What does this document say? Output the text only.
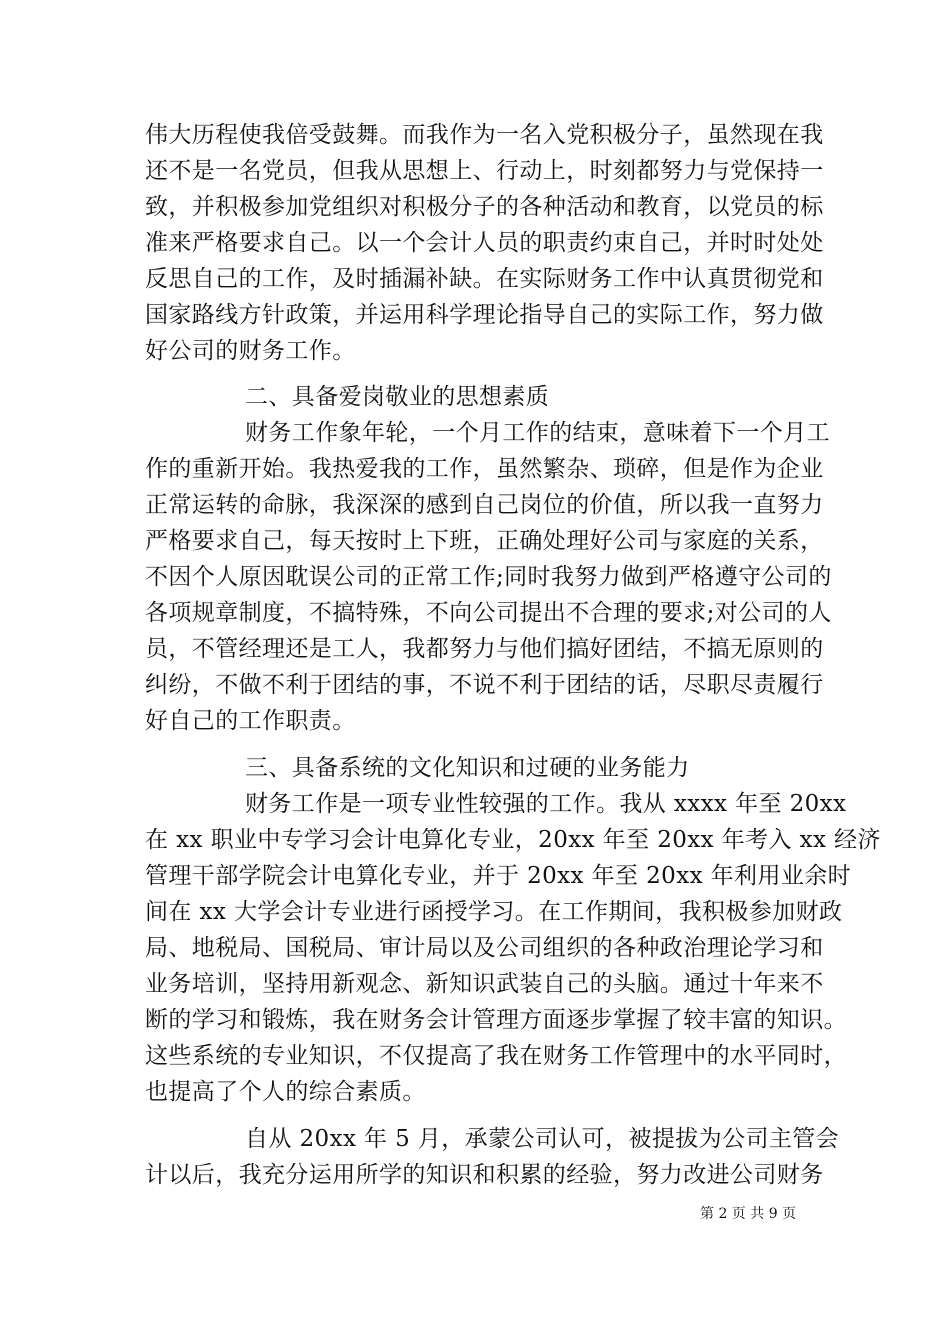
伟大历程使我倍受鼓舞。而我作为一名入党积极分子，虽然现在我
还不是一名党员，但我从思想上、行动上，时刻都努力与党保持一
致，并积极参加党组织对积极分子的各种活动和教育，以党员的标
准来严格要求自己。以一个会计人员的职责约束自己，并时时处处
反思自己的工作，及时插漏补缺。在实际财务工作中认真贯彻党和
国家路线方针政策，并运用科学理论指导自己的实际工作，努力做
好公司的财务工作。
二、具备爱岗敬业的思想素质
财务工作象年轮，一个月工作的结束，意味着下一个月工
作的重新开始。我热爱我的工作，虽然繁杂、琐碎，但是作为企业
正常运转的命脉，我深深的感到自己岗位的价值，所以我一直努力
严格要求自己，每天按时上下班，正确处理好公司与家庭的关系，
不因个人原因耽误公司的正常工作;同时我努力做到严格遵守公司的
各项规章制度，不搞特殊，不向公司提出不合理的要求;对公司的人
员，不管经理还是工人，我都努力与他们搞好团结，不搞无原则的
纠纷，不做不利于团结的事，不说不利于团结的话，尽职尽责履行
好自己的工作职责。
三、具备系统的文化知识和过硬的业务能力
财务工作是一项专业性较强的工作。我从 xxxx 年至 20xx
在 xx 职业中专学习会计电算化专业，20xx 年至 20xx 年考入 xx 经济
管理干部学院会计电算化专业，并于 20xx 年至 20xx 年利用业余时
间在 xx 大学会计专业进行函授学习。在工作期间，我积极参加财政
局、地税局、国税局、审计局以及公司组织的各种政治理论学习和
业务培训，坚持用新观念、新知识武装自己的头脑。通过十年来不
断的学习和锻炼，我在财务会计管理方面逐步掌握了较丰富的知识。
这些系统的专业知识，不仅提高了我在财务工作管理中的水平同时，
也提高了个人的综合素质。
自从 20xx 年 5 月，承蒙公司认可，被提拔为公司主管会
计以后，我充分运用所学的知识和积累的经验，努力改进公司财务
第 2 页 共 9 页
